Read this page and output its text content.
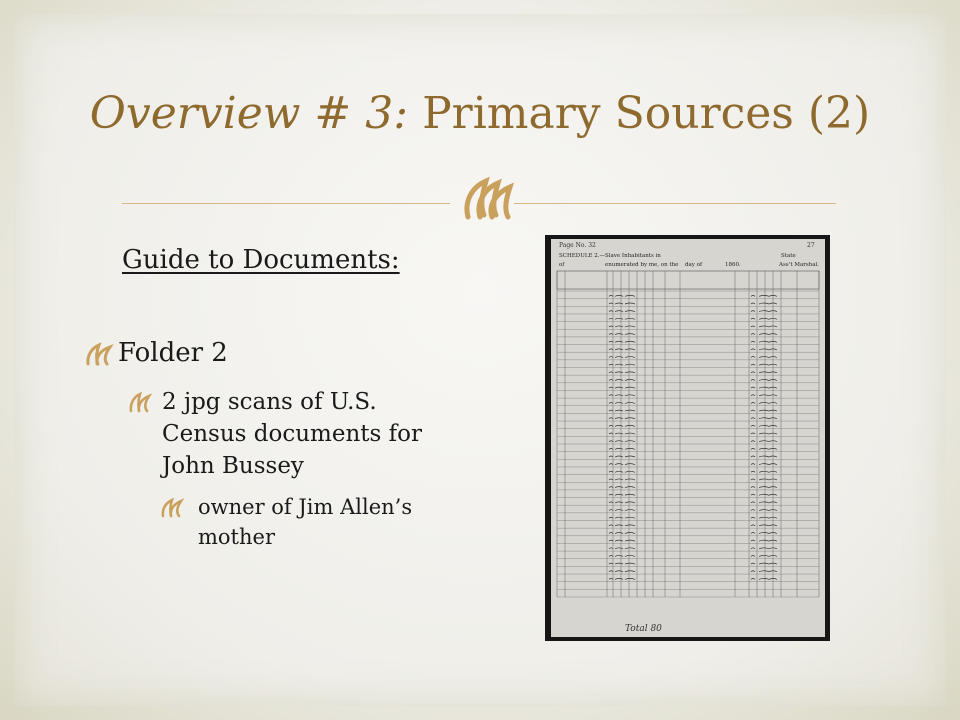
Overview # 3: Primary Sources (2)
Guide to Documents:
Folder 2
2 jpg scans of U.S. Census documents for John Bussey
owner of Jim Allen’s mother
Page No. 32	27
SCHEDULE 2.—Slave Inhabitants in	State
of	enumerated by me, on the day of	1860.	Ass’t Marshal.
Total 80
